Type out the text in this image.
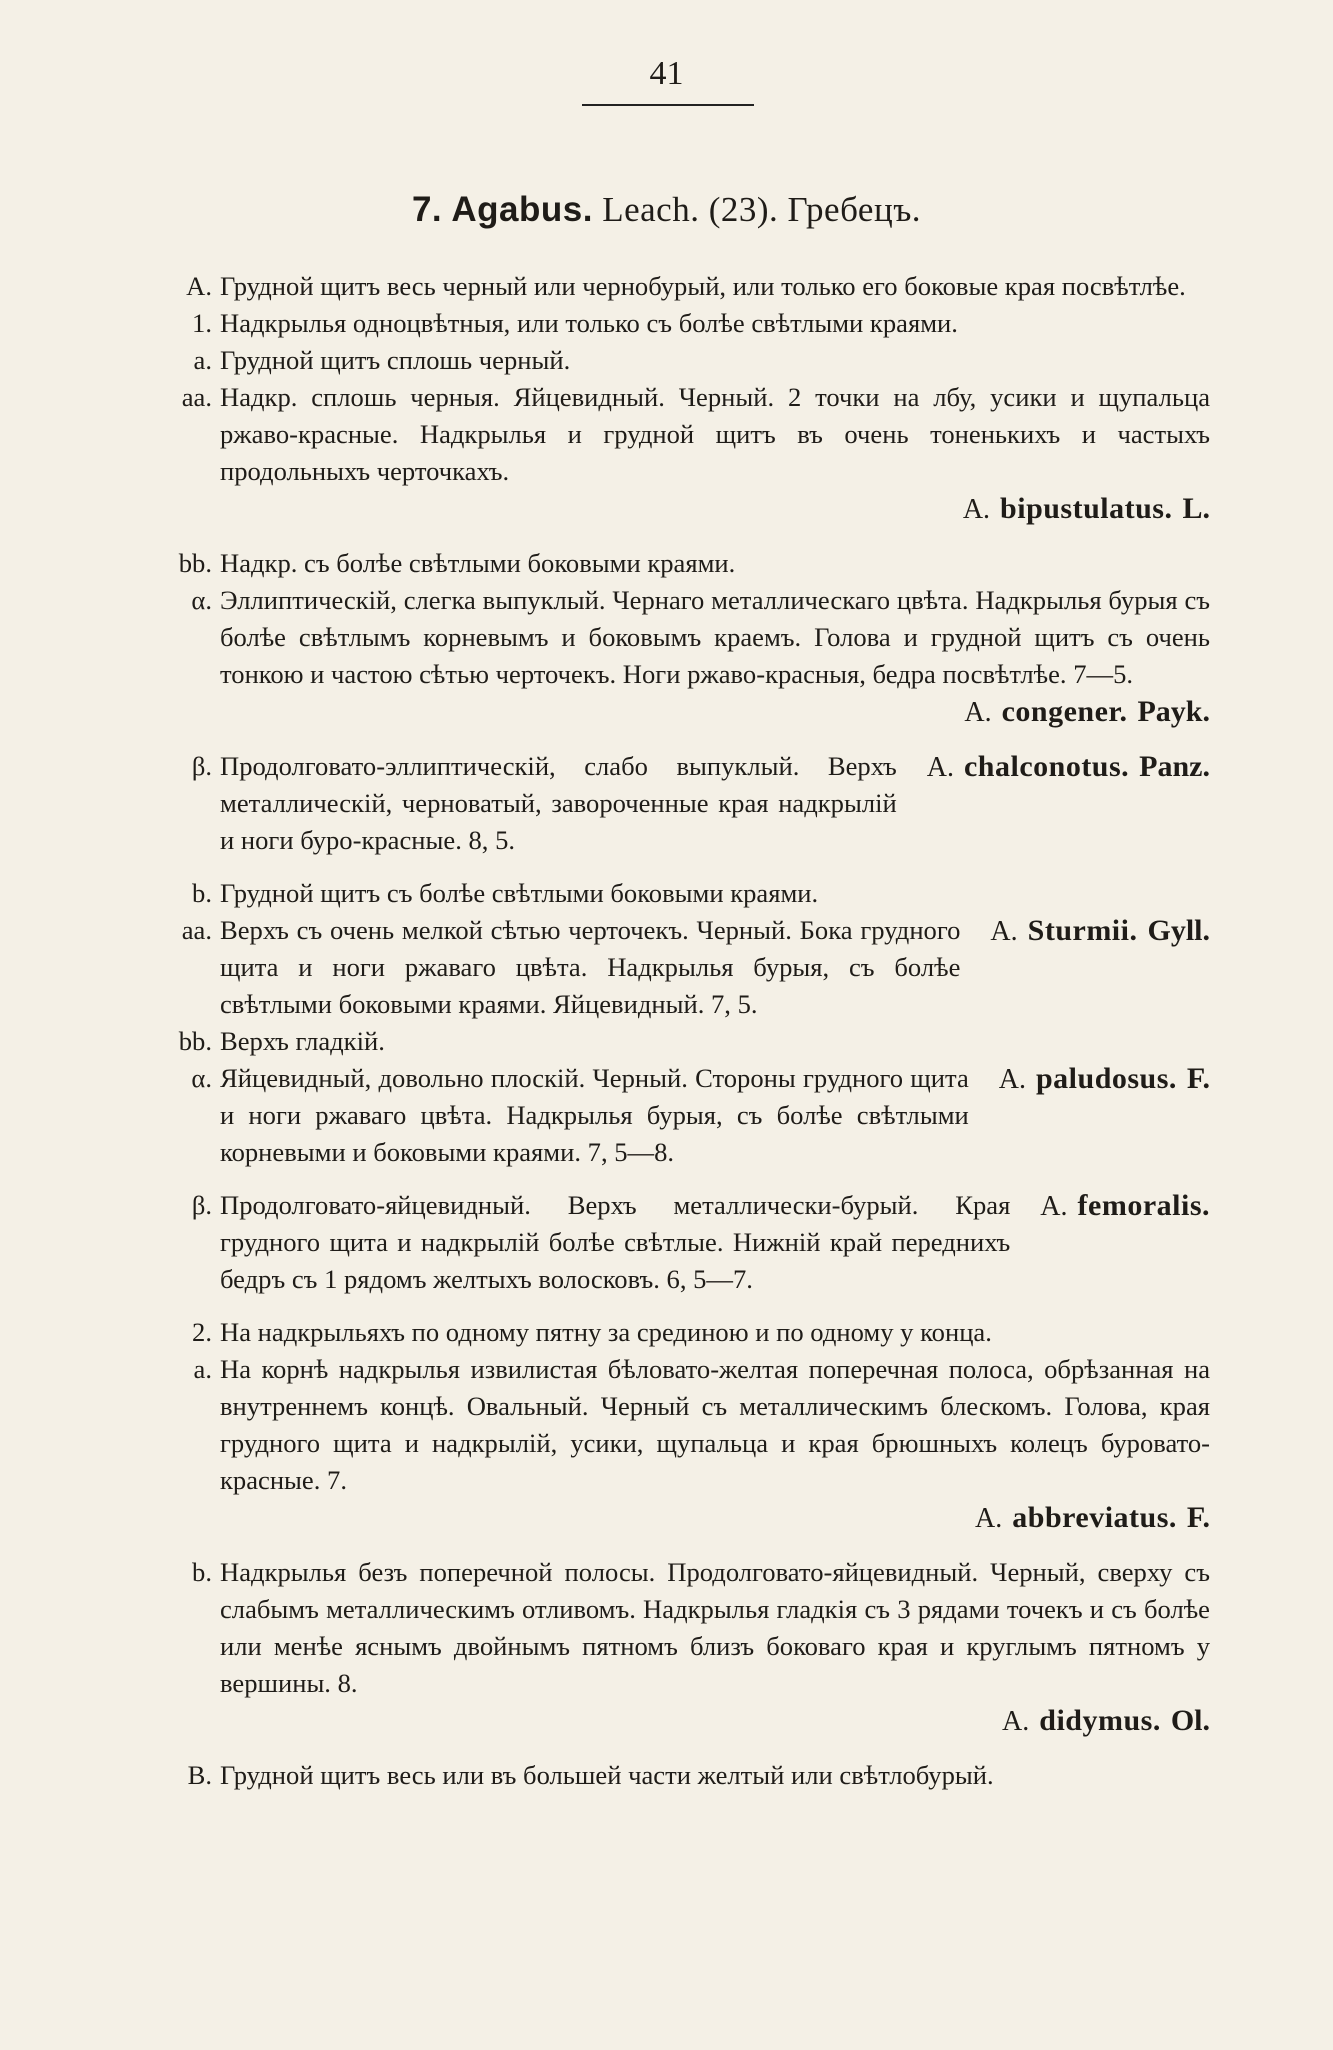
41
7. Agabus. Leach. (23). Гребецъ.
A. Грудной щитъ весь черный или чернобурый, или только его боковые края посвѣтлѣе.
1. Надкрылья одноцвѣтныя, или только съ болѣе свѣтлыми краями.
a. Грудной щитъ сплошь черный.
aa. Надкр. сплошь черныя. Яйцевидный. Черный. 2 точки на лбу, усики и щупальца ржаво-красные. Надкрылья и грудной щитъ въ очень тоненькихъ и частыхъ продольныхъ черточкахъ.
A. bipustulatus. L.
bb. Надкр. съ болѣе свѣтлыми боковыми краями.
α. Эллиптическій, слегка выпуклый. Чернаго металлическаго цвѣта. Надкрылья бурыя съ болѣе свѣтлымъ корневымъ и боковымъ краемъ. Голова и грудной щитъ съ очень тонкою и частою сѣтью черточекъ. Ноги ржаво-красныя, бедра посвѣтлѣе. 7—5.
A. congener. Payk.
β.	A. chalconotus. Panz.
Продолговато-эллиптическій, слабо выпуклый. Верхъ металлическій, черноватый, завороченные края надкрылій и ноги буро-красные. 8, 5.
b. Грудной щитъ съ болѣе свѣтлыми боковыми краями.
aa.	A. Sturmii. Gyll.
Верхъ съ очень мелкой сѣтью черточекъ. Черный. Бока грудного щита и ноги ржаваго цвѣта. Надкрылья бурыя, съ болѣе свѣтлыми боковыми краями. Яйцевидный. 7, 5.
bb. Верхъ гладкій.
α.	A. paludosus. F.
Яйцевидный, довольно плоскій. Черный. Стороны грудного щита и ноги ржаваго цвѣта. Надкрылья бурыя, съ болѣе свѣтлыми корневыми и боковыми краями. 7, 5—8.
β.	A. femoralis.
Продолговато-яйцевидный. Верхъ металлически-бурый. Края грудного щита и надкрылій болѣе свѣтлые. Нижній край переднихъ бедръ съ 1 рядомъ желтыхъ волосковъ. 6, 5—7.
2. На надкрыльяхъ по одному пятну за срединою и по одному у конца.
a. На корнѣ надкрылья извилистая бѣловато-желтая поперечная полоса, обрѣзанная на внутреннемъ концѣ. Овальный. Черный съ металлическимъ блескомъ. Голова, края грудного щита и надкрылій, усики, щупальца и края брюшныхъ колецъ буровато-красные. 7.
A. abbreviatus. F.
b. Надкрылья безъ поперечной полосы. Продолговато-яйцевидный. Черный, сверху съ слабымъ металлическимъ отливомъ. Надкрылья гладкія съ 3 рядами точекъ и съ болѣе или менѣе яснымъ двойнымъ пятномъ близъ боковаго края и круглымъ пятномъ у вершины. 8.
A. didymus. Ol.
B. Грудной щитъ весь или въ большей части желтый или свѣтлобурый.
